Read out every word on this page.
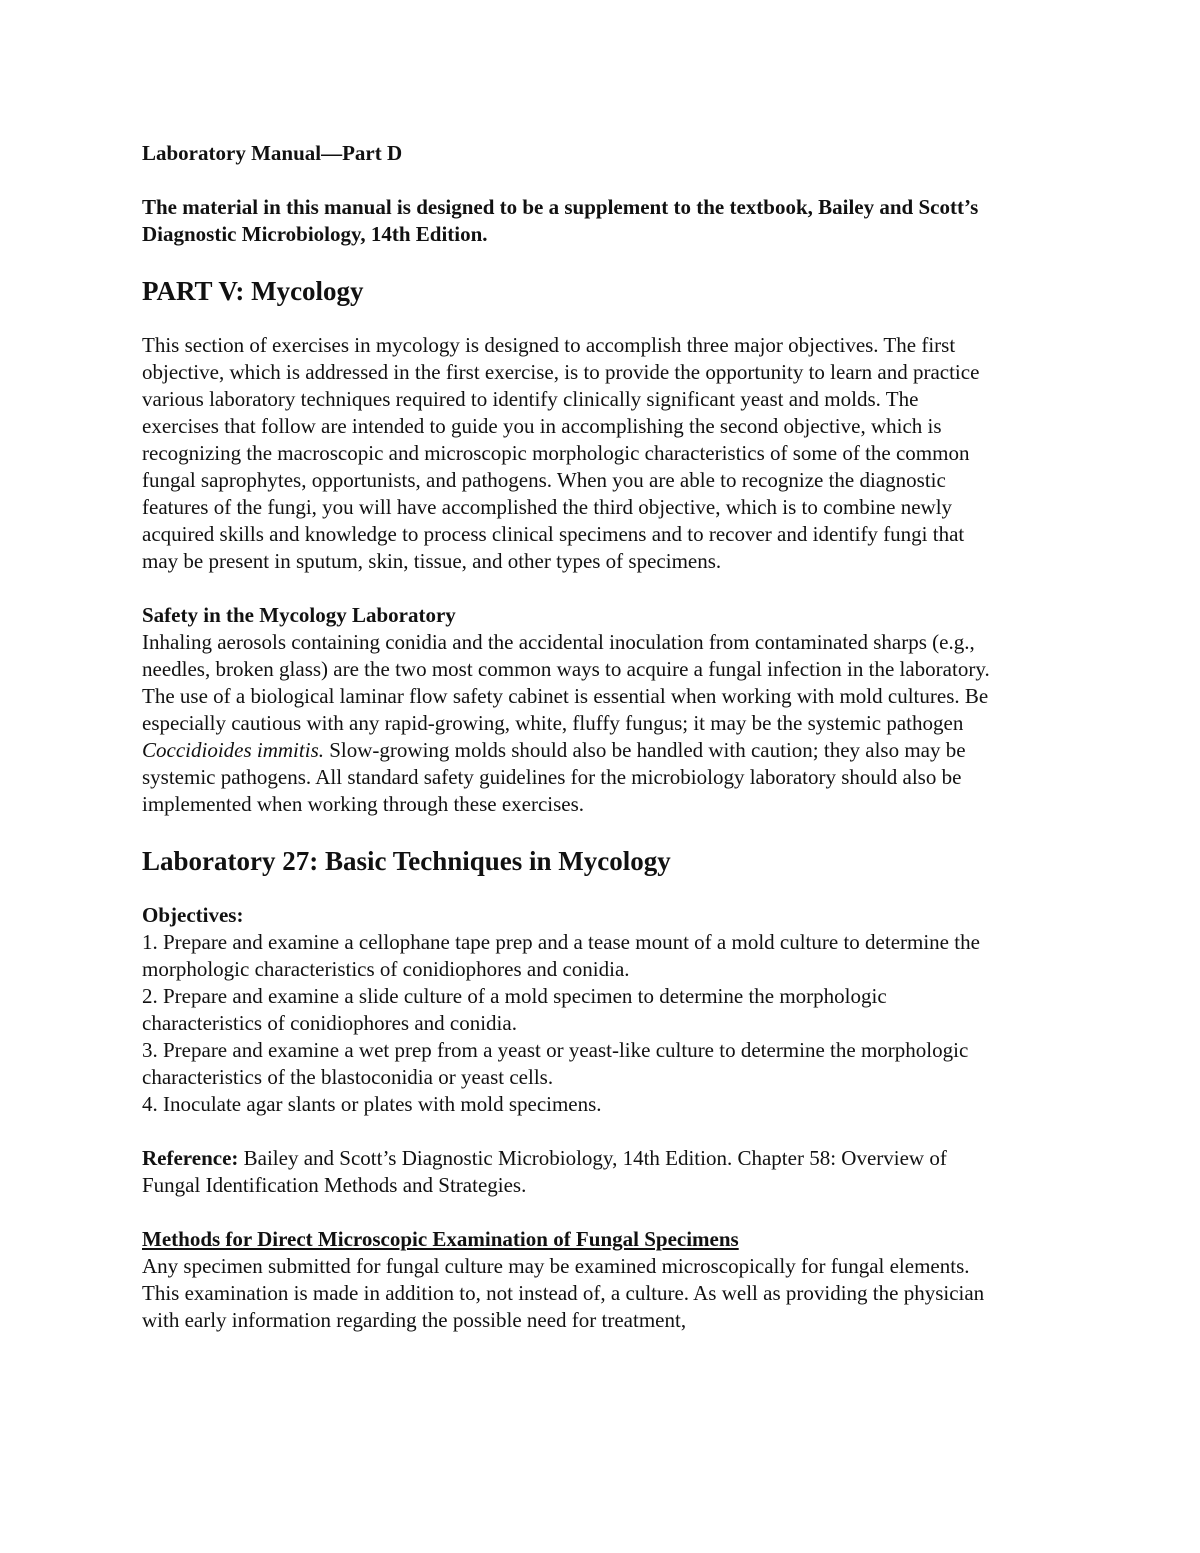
Laboratory Manual—Part D

The material in this manual is designed to be a supplement to the textbook, Bailey and Scott’s Diagnostic Microbiology, 14th Edition.

PART V: Mycology

This section of exercises in mycology is designed to accomplish three major objectives. The first objective, which is addressed in the first exercise, is to provide the opportunity to learn and practice various laboratory techniques required to identify clinically significant yeast and molds. The exercises that follow are intended to guide you in accomplishing the second objective, which is recognizing the macroscopic and microscopic morphologic characteristics of some of the common fungal saprophytes, opportunists, and pathogens. When you are able to recognize the diagnostic features of the fungi, you will have accomplished the third objective, which is to combine newly acquired skills and knowledge to process clinical specimens and to recover and identify fungi that may be present in sputum, skin, tissue, and other types of specimens.

Safety in the Mycology Laboratory

Inhaling aerosols containing conidia and the accidental inoculation from contaminated sharps (e.g., needles, broken glass) are the two most common ways to acquire a fungal infection in the laboratory. The use of a biological laminar flow safety cabinet is essential when working with mold cultures. Be especially cautious with any rapid-growing, white, fluffy fungus; it may be the systemic pathogen Coccidioides immitis. Slow-growing molds should also be handled with caution; they also may be systemic pathogens. All standard safety guidelines for the microbiology laboratory should also be implemented when working through these exercises.

Laboratory 27: Basic Techniques in Mycology

Objectives:

1. Prepare and examine a cellophane tape prep and a tease mount of a mold culture to determine the morphologic characteristics of conidiophores and conidia.
2. Prepare and examine a slide culture of a mold specimen to determine the morphologic characteristics of conidiophores and conidia.
3. Prepare and examine a wet prep from a yeast or yeast-like culture to determine the morphologic characteristics of the blastoconidia or yeast cells.
4. Inoculate agar slants or plates with mold specimens.

Reference: Bailey and Scott’s Diagnostic Microbiology, 14th Edition. Chapter 58: Overview of Fungal Identification Methods and Strategies.

Methods for Direct Microscopic Examination of Fungal Specimens

Any specimen submitted for fungal culture may be examined microscopically for fungal elements. This examination is made in addition to, not instead of, a culture. As well as providing the physician with early information regarding the possible need for treatment,
